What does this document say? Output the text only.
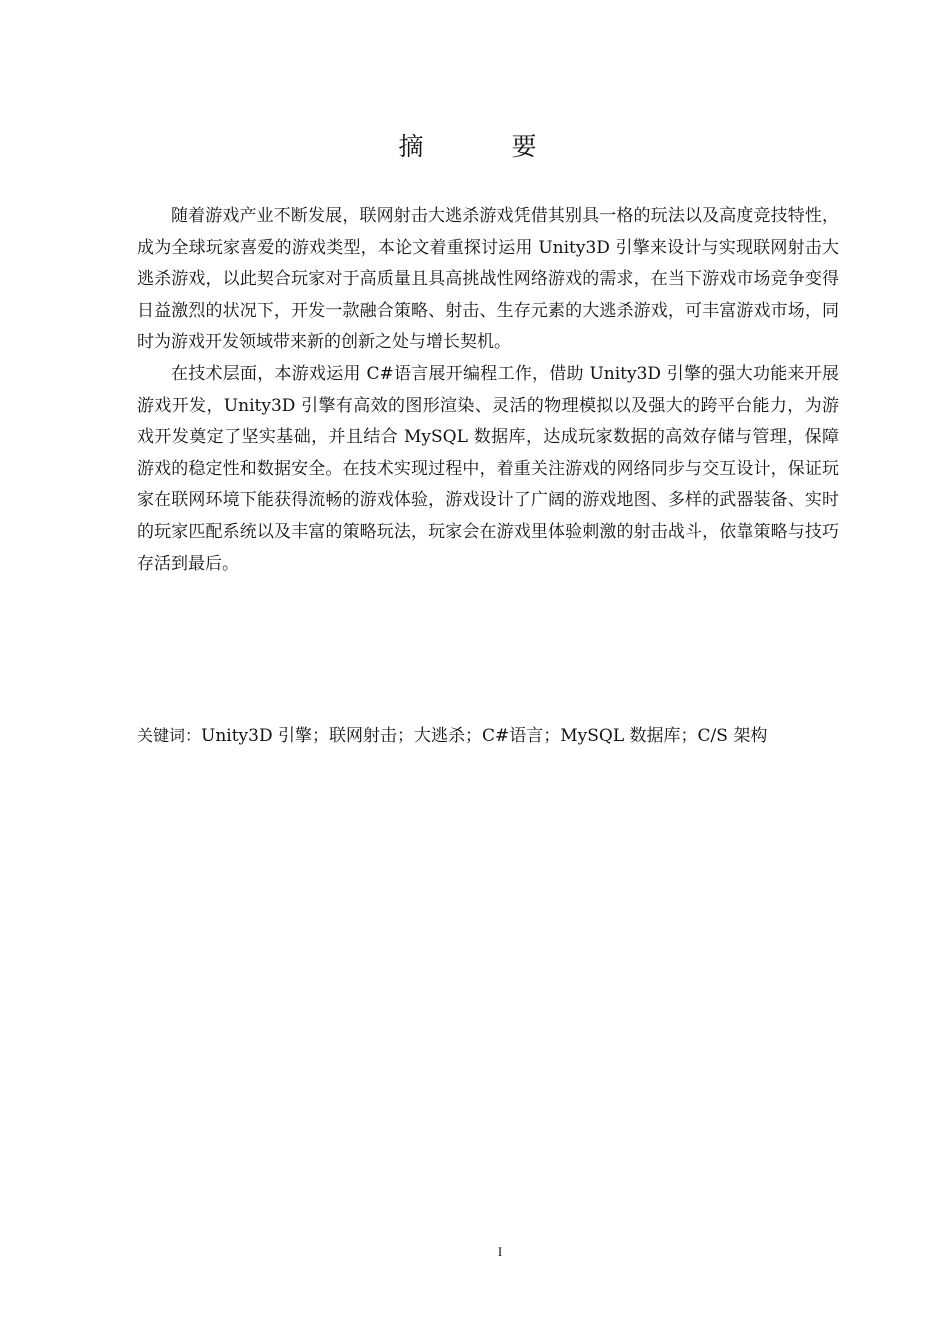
摘 要

随着游戏产业不断发展，联网射击大逃杀游戏凭借其别具一格的玩法以及高度竞技特性，成为全球玩家喜爱的游戏类型，本论文着重探讨运用 Unity3D 引擎来设计与实现联网射击大逃杀游戏，以此契合玩家对于高质量且具高挑战性网络游戏的需求，在当下游戏市场竞争变得日益激烈的状况下，开发一款融合策略、射击、生存元素的大逃杀游戏，可丰富游戏市场，同时为游戏开发领域带来新的创新之处与增长契机。

在技术层面，本游戏运用 C#语言展开编程工作，借助 Unity3D 引擎的强大功能来开展游戏开发，Unity3D 引擎有高效的图形渲染、灵活的物理模拟以及强大的跨平台能力，为游戏开发奠定了坚实基础，并且结合 MySQL 数据库，达成玩家数据的高效存储与管理，保障游戏的稳定性和数据安全。在技术实现过程中，着重关注游戏的网络同步与交互设计，保证玩家在联网环境下能获得流畅的游戏体验，游戏设计了广阔的游戏地图、多样的武器装备、实时的玩家匹配系统以及丰富的策略玩法，玩家会在游戏里体验刺激的射击战斗，依靠策略与技巧存活到最后。

关键词：Unity3D 引擎；联网射击；大逃杀；C#语言；MySQL 数据库；C/S 架构
I
